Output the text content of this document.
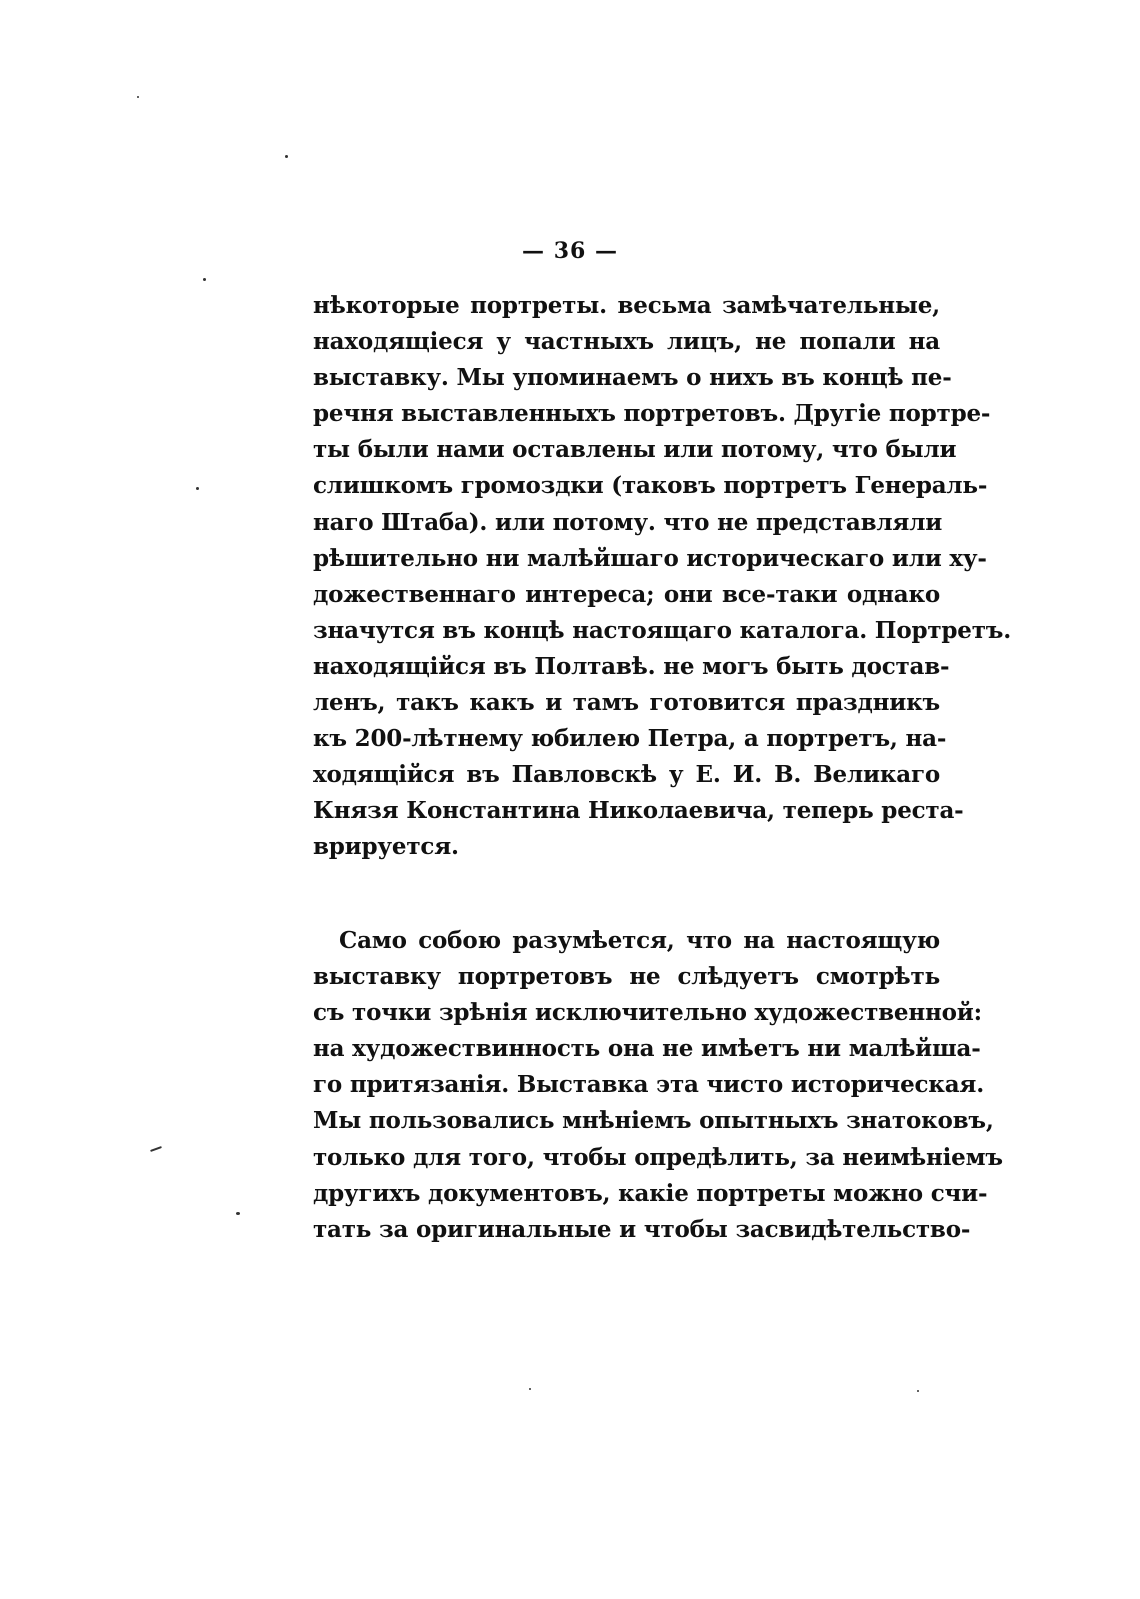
— 36 —
нѣкоторые портреты. весьма замѣчательные,
находящіеся у частныхъ лицъ, не попали на
выставку. Мы упоминаемъ о нихъ въ концѣ пе-
речня выставленныхъ портретовъ. Другіе портре-
ты были нами оставлены или потому, что были
слишкомъ громоздки (таковъ портретъ Генераль-
наго Штаба). или потому. что не представляли
рѣшительно ни малѣйшаго историческаго или ху-
дожественнаго интереса; они все-таки однако
значутся въ концѣ настоящаго каталога. Портретъ.
находящійся въ Полтавѣ. не могъ быть достав-
ленъ, такъ какъ и тамъ готовится праздникъ
къ 200-лѣтнему юбилею Петра, а портретъ, на-
ходящійся въ Павловскѣ у Е. И. В. Великаго
Князя Константина Николаевича, теперь реста-
врируется.
Само собою разумѣется, что на настоящую
выставку портретовъ не слѣдуетъ смотрѣть
съ точки зрѣнія исключительно художественной:
на художествинность она не имѣетъ ни малѣйша-
го притязанія. Выставка эта чисто историческая.
Мы пользовались мнѣніемъ опытныхъ знатоковъ,
только для того, чтобы опредѣлить, за неимѣніемъ
другихъ документовъ, какіе портреты можно счи-
тать за оригинальные и чтобы засвидѣтельство-
